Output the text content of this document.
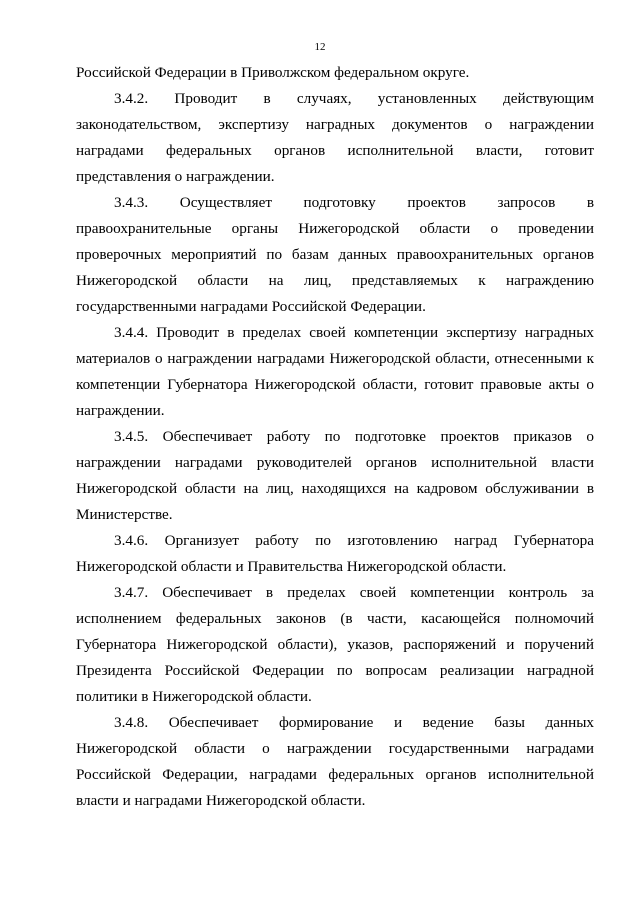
12

Российской Федерации в Приволжском федеральном округе.

3.4.2. Проводит в случаях, установленных действующим законодательством, экспертизу наградных документов о награждении наградами федеральных органов исполнительной власти, готовит представления о награждении.

3.4.3. Осуществляет подготовку проектов запросов в правоохранительные органы Нижегородской области о проведении проверочных мероприятий по базам данных правоохранительных органов Нижегородской области на лиц, представляемых к награждению государственными наградами Российской Федерации.

3.4.4. Проводит в пределах своей компетенции экспертизу наградных материалов о награждении наградами Нижегородской области, отнесенными к компетенции Губернатора Нижегородской области, готовит правовые акты о награждении.

3.4.5. Обеспечивает работу по подготовке проектов приказов о награждении наградами руководителей органов исполнительной власти Нижегородской области на лиц, находящихся на кадровом обслуживании в Министерстве.

3.4.6. Организует работу по изготовлению наград Губернатора Нижегородской области и Правительства Нижегородской области.

3.4.7. Обеспечивает в пределах своей компетенции контроль за исполнением федеральных законов (в части, касающейся полномочий Губернатора Нижегородской области), указов, распоряжений и поручений Президента Российской Федерации по вопросам реализации наградной политики в Нижегородской области.

3.4.8. Обеспечивает формирование и ведение базы данных Нижегородской области о награждении государственными наградами Российской Федерации, наградами федеральных органов исполнительной власти и наградами Нижегородской области.
